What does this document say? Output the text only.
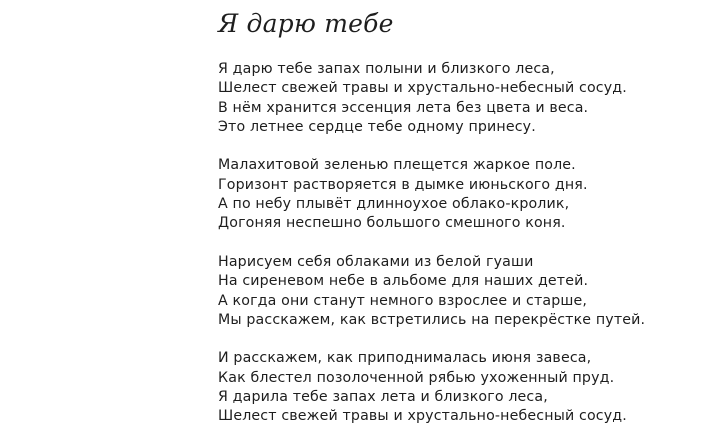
Я дарю тебе
Я дарю тебе запах полыни и близкого леса,
Шелест свежей травы и хрустально-небесный сосуд.
В нём хранится эссенция лета без цвета и веса.
Это летнее сердце тебе одному принесу.
Малахитовой зеленью плещется жаркое поле.
Горизонт растворяется в дымке июньского дня.
А по небу плывёт длинноухое облако-кролик,
Догоняя неспешно большого смешного коня.
Нарисуем себя облаками из белой гуаши
На сиреневом небе в альбоме для наших детей.
А когда они станут немного взрослее и старше,
Мы расскажем, как встретились на перекрёстке путей.
И расскажем, как приподнималась июня завеса,
Как блестел позолоченной рябью ухоженный пруд.
Я дарила тебе запах лета и близкого леса,
Шелест свежей травы и хрустально-небесный сосуд.
